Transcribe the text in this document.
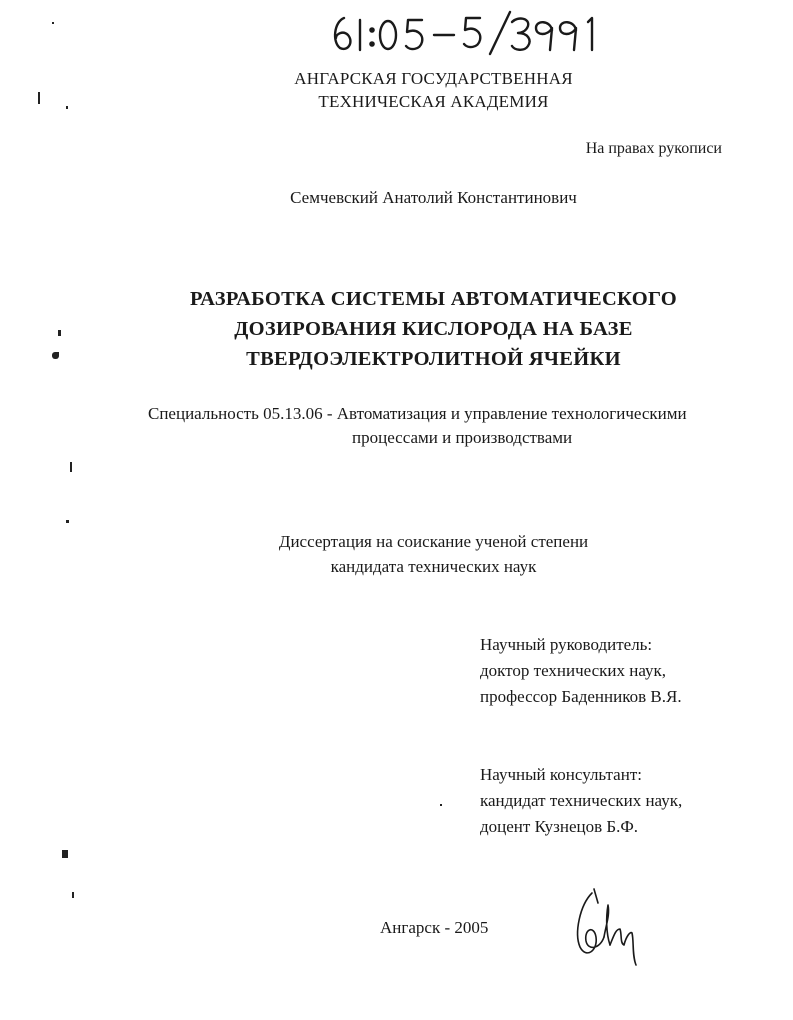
АНГАРСКАЯ ГОСУДАРСТВЕННАЯ
ТЕХНИЧЕСКАЯ АКАДЕМИЯ
На правах рукописи
Семчевский Анатолий Константинович
РАЗРАБОТКА СИСТЕМЫ АВТОМАТИЧЕСКОГО
ДОЗИРОВАНИЯ КИСЛОРОДА НА БАЗЕ
ТВЕРДОЭЛЕКТРОЛИТНОЙ ЯЧЕЙКИ
Специальность 05.13.06 - Автоматизация и управление технологическими
процессами и производствами
Диссертация на соискание ученой степени
кандидата технических наук
Научный руководитель:
доктор технических наук,
профессор Баденников В.Я.
Научный консультант:
кандидат технических наук,
доцент Кузнецов Б.Ф.
Ангарск - 2005
